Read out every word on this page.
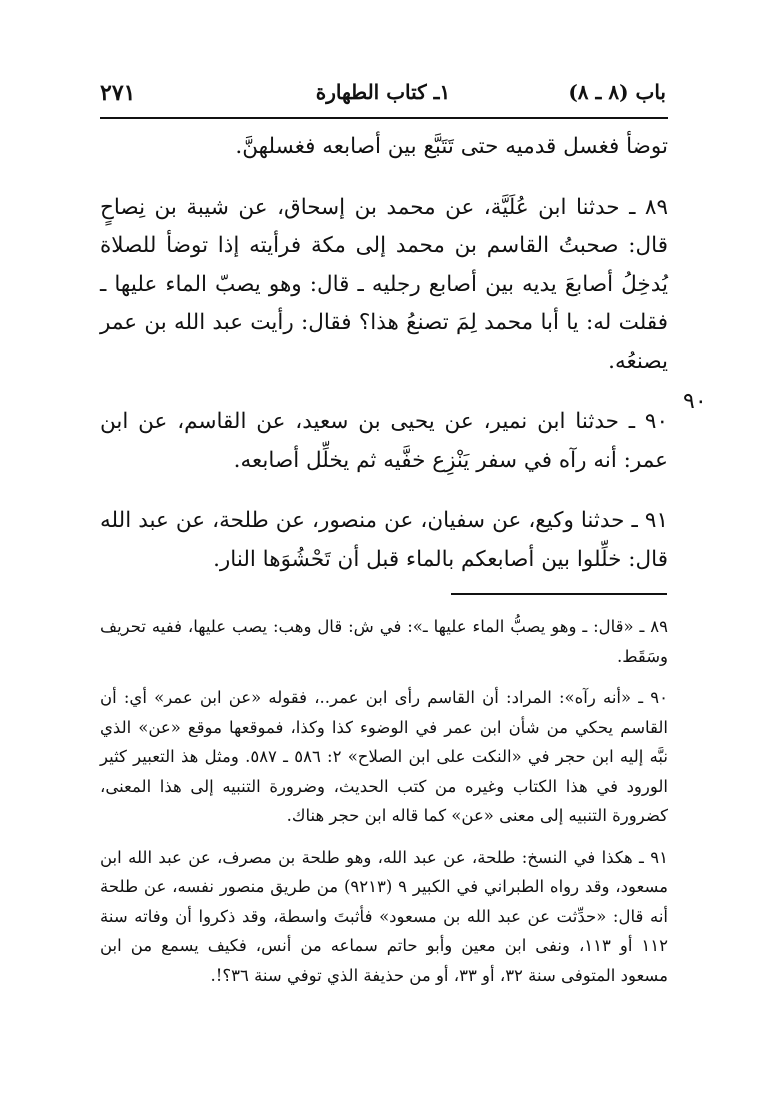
باب (٨ ـ ٨)
١ـ كتاب الطهارة
٢٧١
٩٠

توضأ فغسل قدميه حتى تَتَبَّع بين أصابعه فغسلهنَّ.

٨٩ ـ حدثنا ابن عُلَيَّة، عن محمد بن إسحاق، عن شيبة بن نِصاحٍ قال: صحبتُ القاسم بن محمد إلى مكة فرأيته إذا توضأ للصلاة يُدخِلُ أصابعَ يديه بين أصابع رجليه ـ قال: وهو يصبّ الماء عليها ـ فقلت له: يا أبا محمد لِمَ تصنعُ هذا؟ فقال: رأيت عبد الله بن عمر يصنعُه.

٩٠ ـ حدثنا ابن نمير، عن يحيى بن سعيد، عن القاسم، عن ابن عمر: أنه رآه في سفر يَنْزِع خفَّيه ثم يخلِّل أصابعه.

٩١ ـ حدثنا وكيع، عن سفيان، عن منصور، عن طلحة، عن عبد الله قال: خلِّلوا بين أصابعكم بالماء قبل أن تَحْشُوَها النار.

٨٩ ـ «قال: ـ وهو يصبُّ الماء عليها ـ»: في ش: قال وهب: يصب عليها، ففيه تحريف وسَقَط.

٩٠ ـ «أنه رآه»: المراد: أن القاسم رأى ابن عمر..، فقوله «عن ابن عمر» أي: أن القاسم يحكي من شأن ابن عمر في الوضوء كذا وكذا، فموقعها موقع «عن» الذي نبَّه إليه ابن حجر في «النكت على ابن الصلاح» ٢: ٥٨٦ ـ ٥٨٧. ومثل هذ التعبير كثير الورود في هذا الكتاب وغيره من كتب الحديث، وضرورة التنبيه إلى هذا المعنى، كضرورة التنبيه إلى معنى «عن» كما قاله ابن حجر هناك.

٩١ ـ هكذا في النسخ: طلحة، عن عبد الله، وهو طلحة بن مصرف، عن عبد الله ابن مسعود، وقد رواه الطبراني في الكبير ٩ (٩٢١٣) من طريق منصور نفسه، عن طلحة أنه قال: «حدِّثت عن عبد الله بن مسعود» فأثبتَ واسطة، وقد ذكروا أن وفاته سنة ١١٢ أو ١١٣، ونفى ابن معين وأبو حاتم سماعه من أنس، فكيف يسمع من ابن مسعود المتوفى سنة ٣٢، أو ٣٣، أو من حذيفة الذي توفي سنة ٣٦؟!.
